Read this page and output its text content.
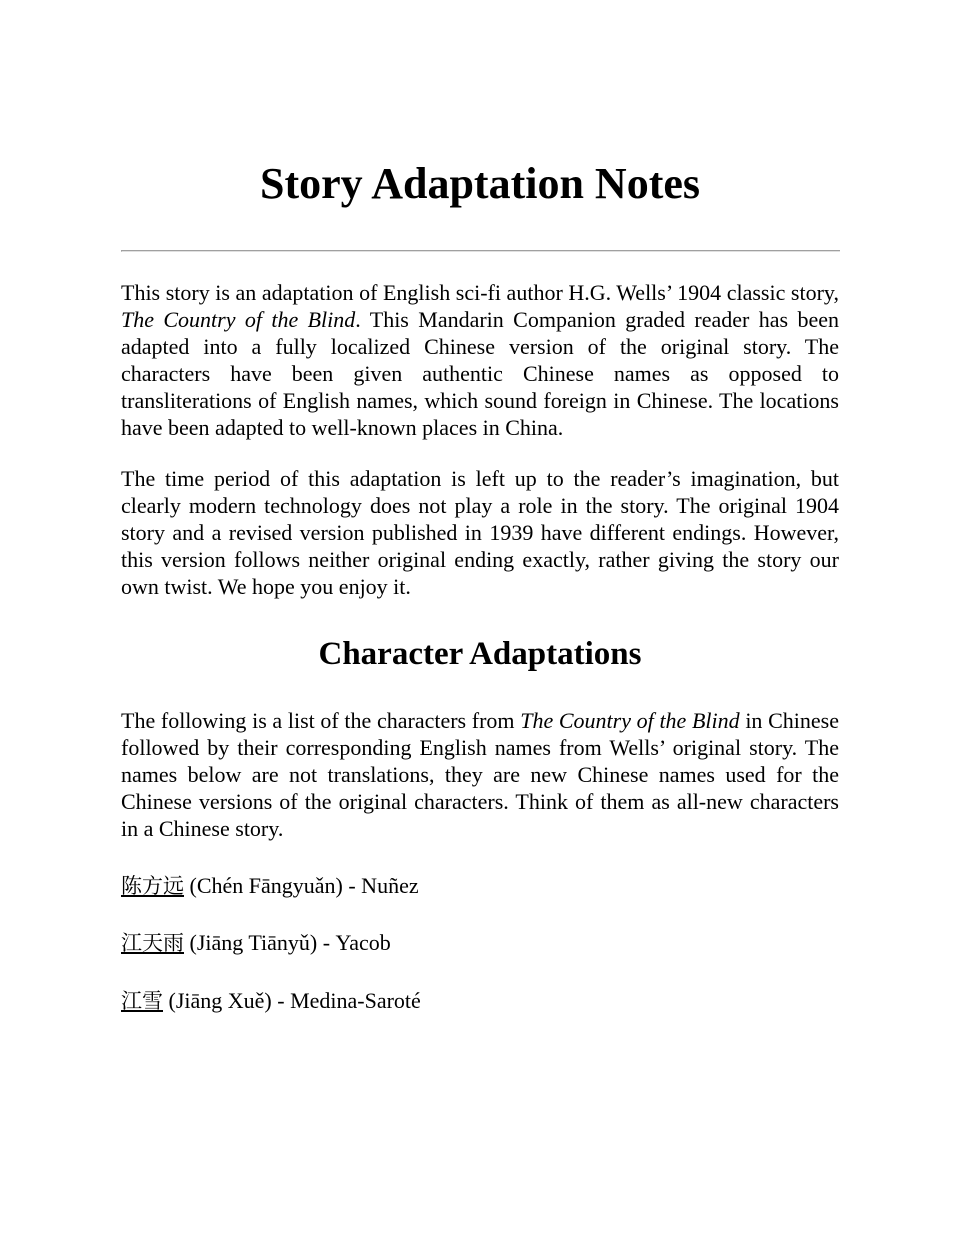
Story Adaptation Notes

This story is an adaptation of English sci-fi author H.G. Wells’ 1904 classic story, The Country of the Blind. This Mandarin Companion graded reader has been adapted into a fully localized Chinese version of the original story. The characters have been given authentic Chinese names as opposed to transliterations of English names, which sound foreign in Chinese. The locations have been adapted to well-known places in China.

The time period of this adaptation is left up to the reader’s imagination, but clearly modern technology does not play a role in the story. The original 1904 story and a revised version published in 1939 have different endings. However, this version follows neither original ending exactly, rather giving the story our own twist. We hope you enjoy it.

Character Adaptations

The following is a list of the characters from The Country of the Blind in Chinese followed by their corresponding English names from Wells’ original story. The names below are not translations, they are new Chinese names used for the Chinese versions of the original characters. Think of them as all-new characters in a Chinese story.

陈方远 (Chén Fāngyuǎn) - Nuñez

江天雨 (Jiāng Tiānyǔ) - Yacob

江雪 (Jiāng Xuě) - Medina-Saroté
